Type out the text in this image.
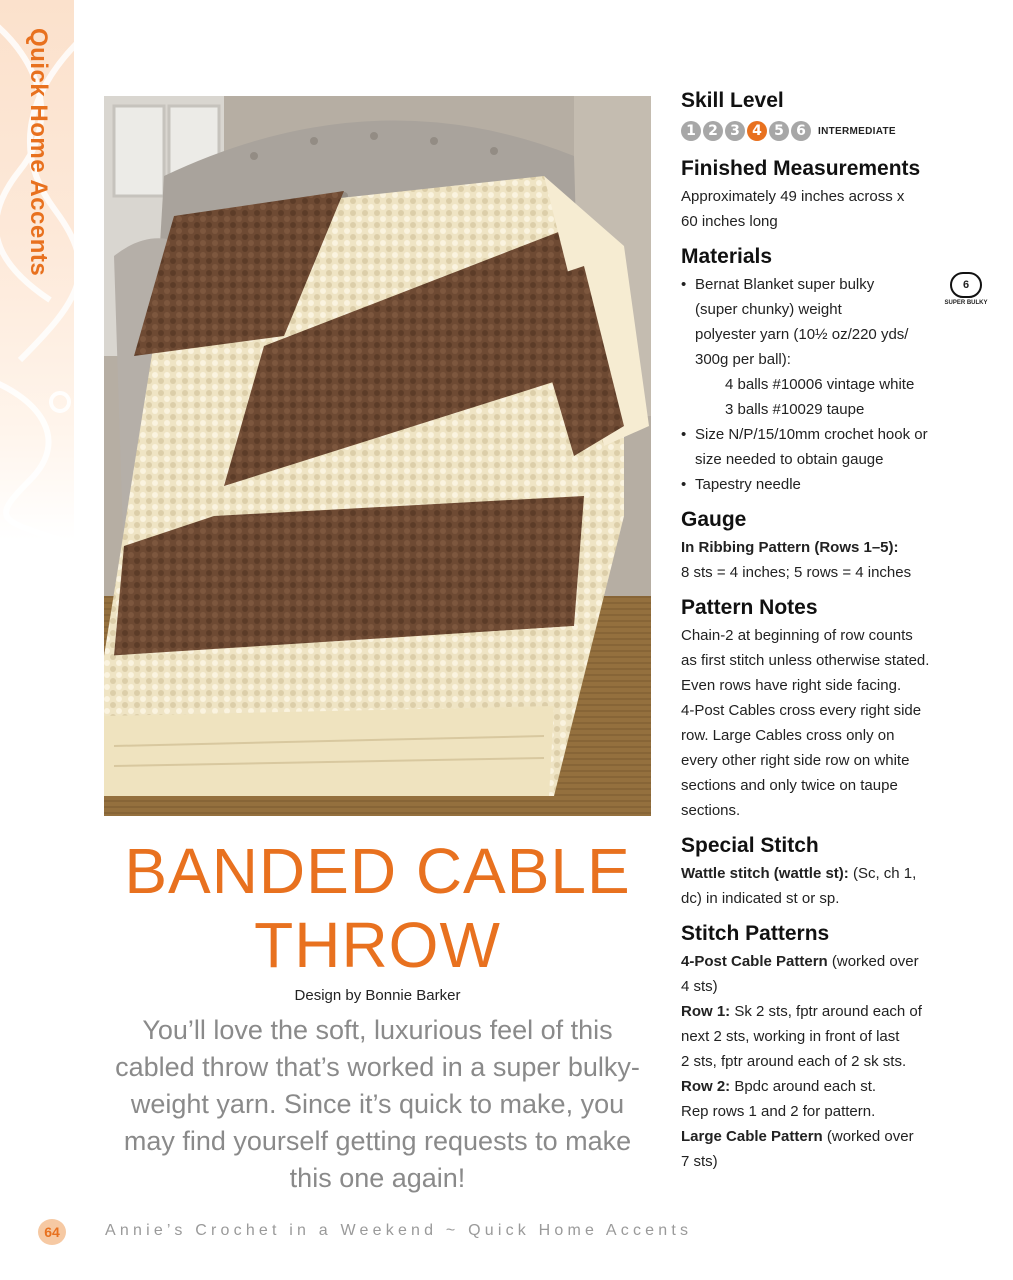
Quick Home Accents
BANDED CABLE
THROW
Design by Bonnie Barker
You’ll love the soft, luxurious feel of this cabled throw that’s worked in a super bulky-weight yarn. Since it’s quick to make, you may find yourself getting requests to make this one again!
Skill Level
1 2 3 4 5 6	INTERMEDIATE
Finished Measurements

Approximately 49 inches across x

60 inches long

Materials
6
SUPER BULKY
• Bernat Blanket super bulky
(super chunky) weight
polyester yarn (10½ oz/220 yds/
300g per ball):
4 balls #10006 vintage white
3 balls #10029 taupe
• Size N/P/15/10mm crochet hook or
size needed to obtain gauge
• Tapestry needle
Gauge

In Ribbing Pattern (Rows 1–5):

8 sts = 4 inches; 5 rows = 4 inches

Pattern Notes

Chain-2 at beginning of row counts

as first stitch unless otherwise stated.

Even rows have right side facing.

4-Post Cables cross every right side

row. Large Cables cross only on

every other right side row on white

sections and only twice on taupe

sections.

Special Stitch

Wattle stitch (wattle st): (Sc, ch 1,

dc) in indicated st or sp.

Stitch Patterns

4-Post Cable Pattern (worked over

4 sts)

Row 1: Sk 2 sts, fptr around each of

next 2 sts, working in front of last

2 sts, fptr around each of 2 sk sts.

Row 2: Bpdc around each st.

Rep rows 1 and 2 for pattern.

Large Cable Pattern (worked over

7 sts)

64	Annie’s Crochet in a Weekend ~ Quick Home Accents
